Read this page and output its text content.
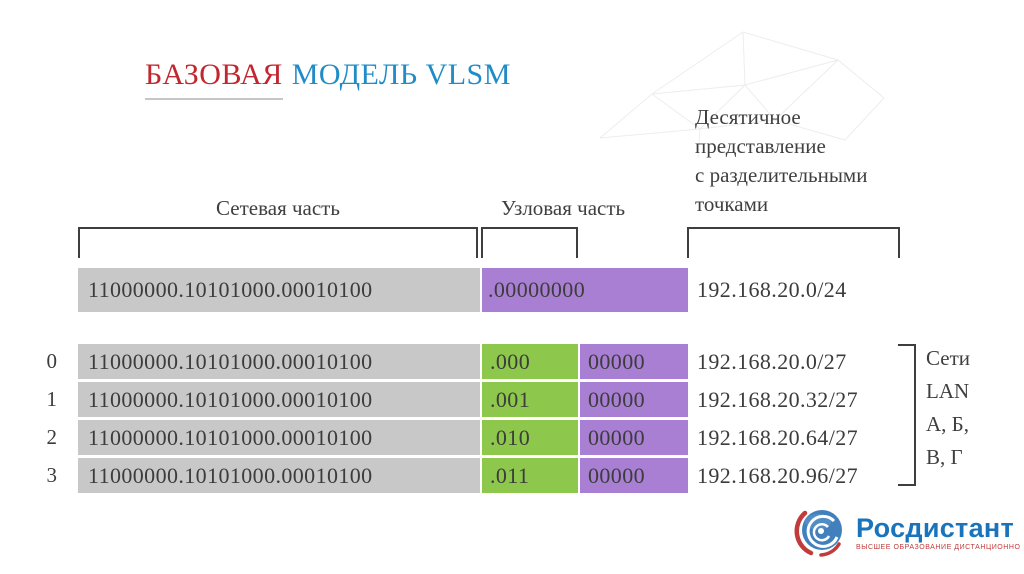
БАЗОВАЯ МОДЕЛЬ VLSM
Десятичное
представление
с разделительными
точками
Сетевая часть	Узловая часть
11000000.10101000.00010100	.00000000	192.168.20.0/24
0	11000000.10101000.00010100	.000	00000	192.168.20.0/27
1	11000000.10101000.00010100	.001	00000	192.168.20.32/27
2	11000000.10101000.00010100	.010	00000	192.168.20.64/27
3	11000000.10101000.00010100	.011	00000	192.168.20.96/27
Сети
LAN
А, Б,
В, Г
Росдистант
ВЫСШЕЕ ОБРАЗОВАНИЕ ДИСТАНЦИОННО
